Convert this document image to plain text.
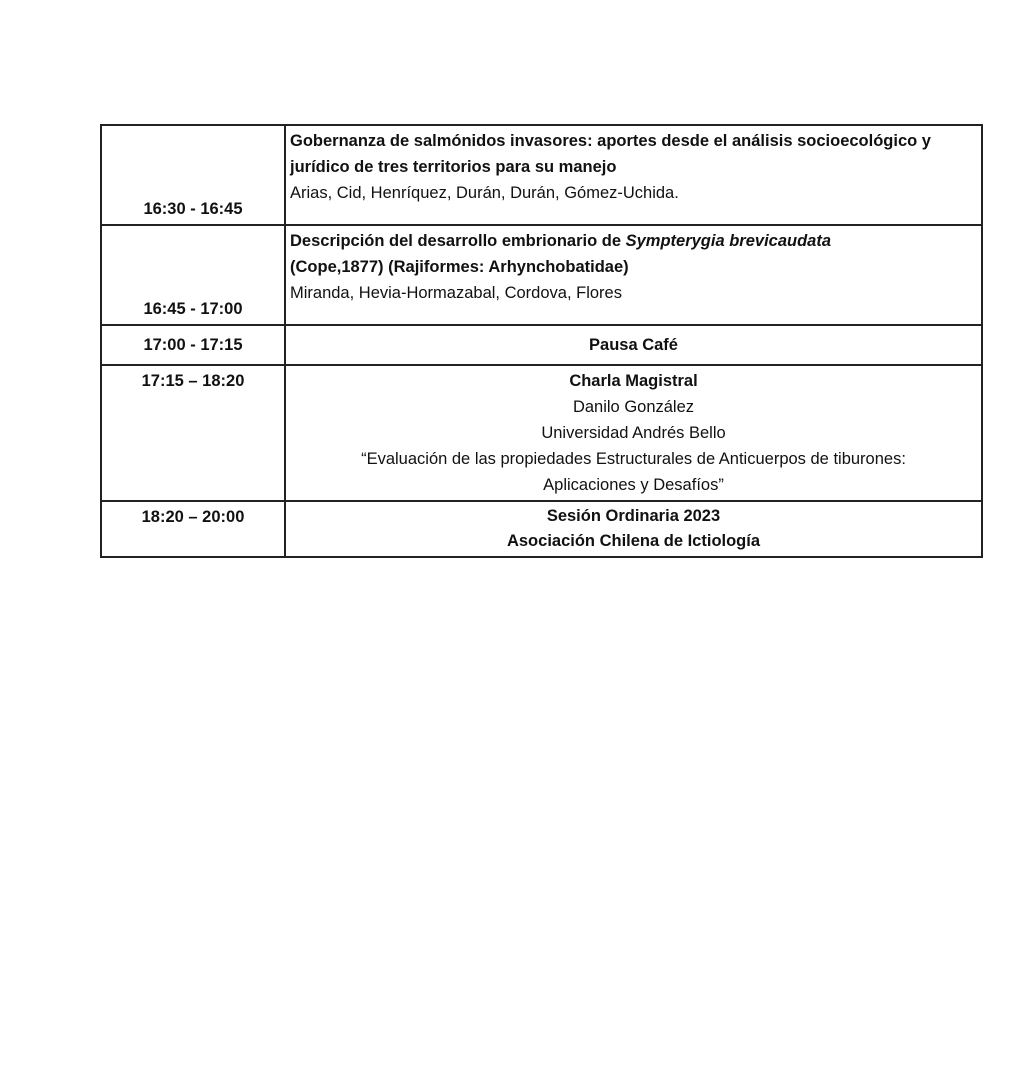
16:30 - 16:45	Gobernanza de salmónidos invasores: aportes desde el análisis socioecológico y jurídico de tres territorios para su manejo
Arias, Cid, Henríquez, Durán, Durán, Gómez-Uchida.

16:45 - 17:00	Descripción del desarrollo embrionario de Sympterygia brevicaudata
(Cope,1877) (Rajiformes: Arhynchobatidae)
Miranda, Hevia-Hormazabal, Cordova, Flores

17:00 - 17:15	Pausa Café
17:15 – 18:20	Charla Magistral
Danilo González
Universidad Andrés Bello
“Evaluación de las propiedades Estructurales de Anticuerpos de tiburones:
Aplicaciones y Desafíos”

18:20 – 20:00	Sesión Ordinaria 2023
Asociación Chilena de Ictiología
